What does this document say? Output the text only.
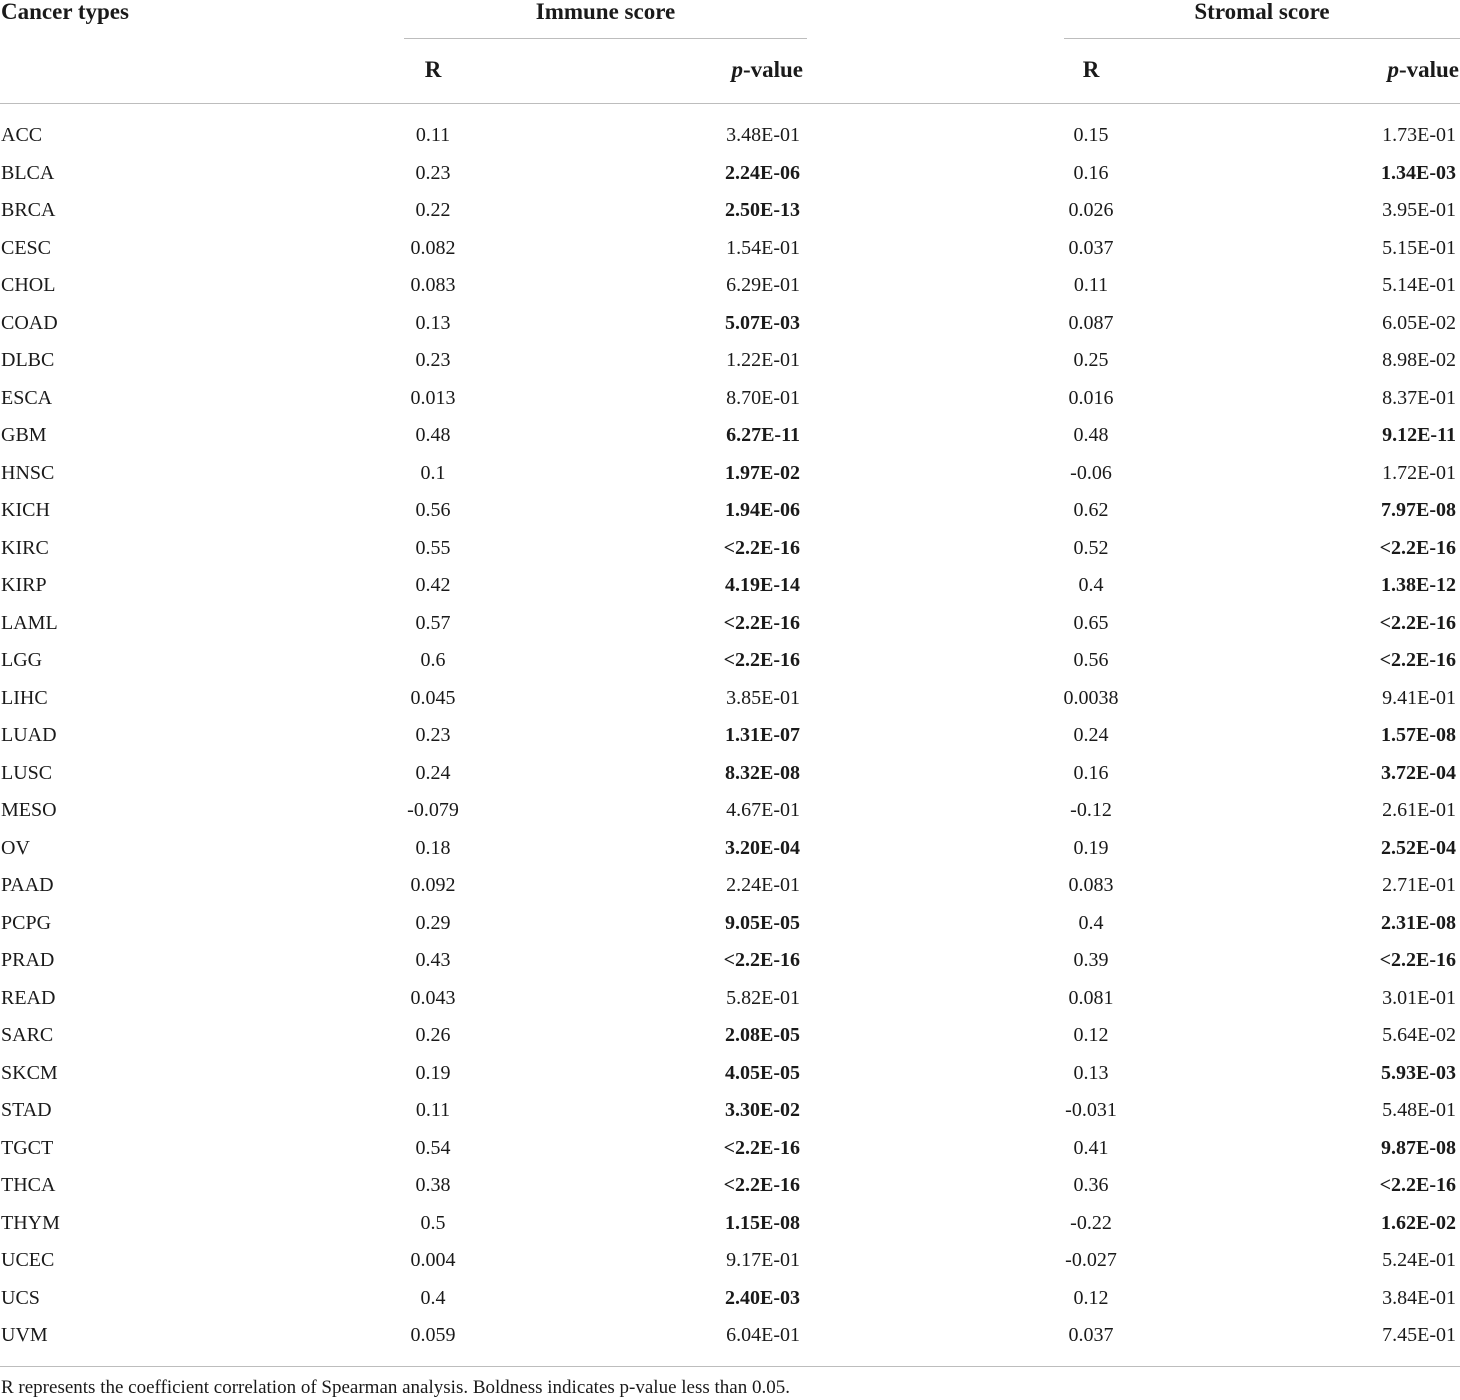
Cancer types	Immune score	Stromal score
R	p-value	R	p-value
ACC	0.11	3.48E-01	0.15	1.73E-01
BLCA	0.23	2.24E-06	0.16	1.34E-03
BRCA	0.22	2.50E-13	0.026	3.95E-01
CESC	0.082	1.54E-01	0.037	5.15E-01
CHOL	0.083	6.29E-01	0.11	5.14E-01
COAD	0.13	5.07E-03	0.087	6.05E-02
DLBC	0.23	1.22E-01	0.25	8.98E-02
ESCA	0.013	8.70E-01	0.016	8.37E-01
GBM	0.48	6.27E-11	0.48	9.12E-11
HNSC	0.1	1.97E-02	-0.06	1.72E-01
KICH	0.56	1.94E-06	0.62	7.97E-08
KIRC	0.55	<2.2E-16	0.52	<2.2E-16
KIRP	0.42	4.19E-14	0.4	1.38E-12
LAML	0.57	<2.2E-16	0.65	<2.2E-16
LGG	0.6	<2.2E-16	0.56	<2.2E-16
LIHC	0.045	3.85E-01	0.0038	9.41E-01
LUAD	0.23	1.31E-07	0.24	1.57E-08
LUSC	0.24	8.32E-08	0.16	3.72E-04
MESO	-0.079	4.67E-01	-0.12	2.61E-01
OV	0.18	3.20E-04	0.19	2.52E-04
PAAD	0.092	2.24E-01	0.083	2.71E-01
PCPG	0.29	9.05E-05	0.4	2.31E-08
PRAD	0.43	<2.2E-16	0.39	<2.2E-16
READ	0.043	5.82E-01	0.081	3.01E-01
SARC	0.26	2.08E-05	0.12	5.64E-02
SKCM	0.19	4.05E-05	0.13	5.93E-03
STAD	0.11	3.30E-02	-0.031	5.48E-01
TGCT	0.54	<2.2E-16	0.41	9.87E-08
THCA	0.38	<2.2E-16	0.36	<2.2E-16
THYM	0.5	1.15E-08	-0.22	1.62E-02
UCEC	0.004	9.17E-01	-0.027	5.24E-01
UCS	0.4	2.40E-03	0.12	3.84E-01
UVM	0.059	6.04E-01	0.037	7.45E-01
R represents the coefficient correlation of Spearman analysis. Boldness indicates p-value less than 0.05.
